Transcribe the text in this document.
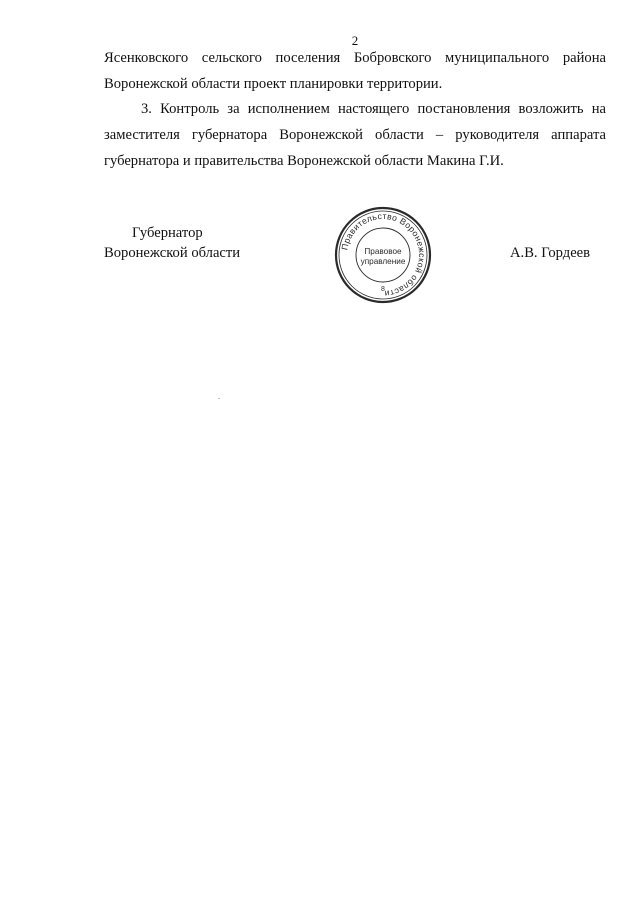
2
Ясенковского сельского поселения Бобровского муниципального района
Воронежской области проект планировки территории.
3. Контроль за исполнением настоящего постановления возложить на
заместителя губернатора Воронежской области – руководителя аппарата
губернатора и правительства Воронежской области Макина Г.И.
Губернатор
Воронежской области	Правительство Воронежской области
Правовое
управление
8
А.В. Гордеев
